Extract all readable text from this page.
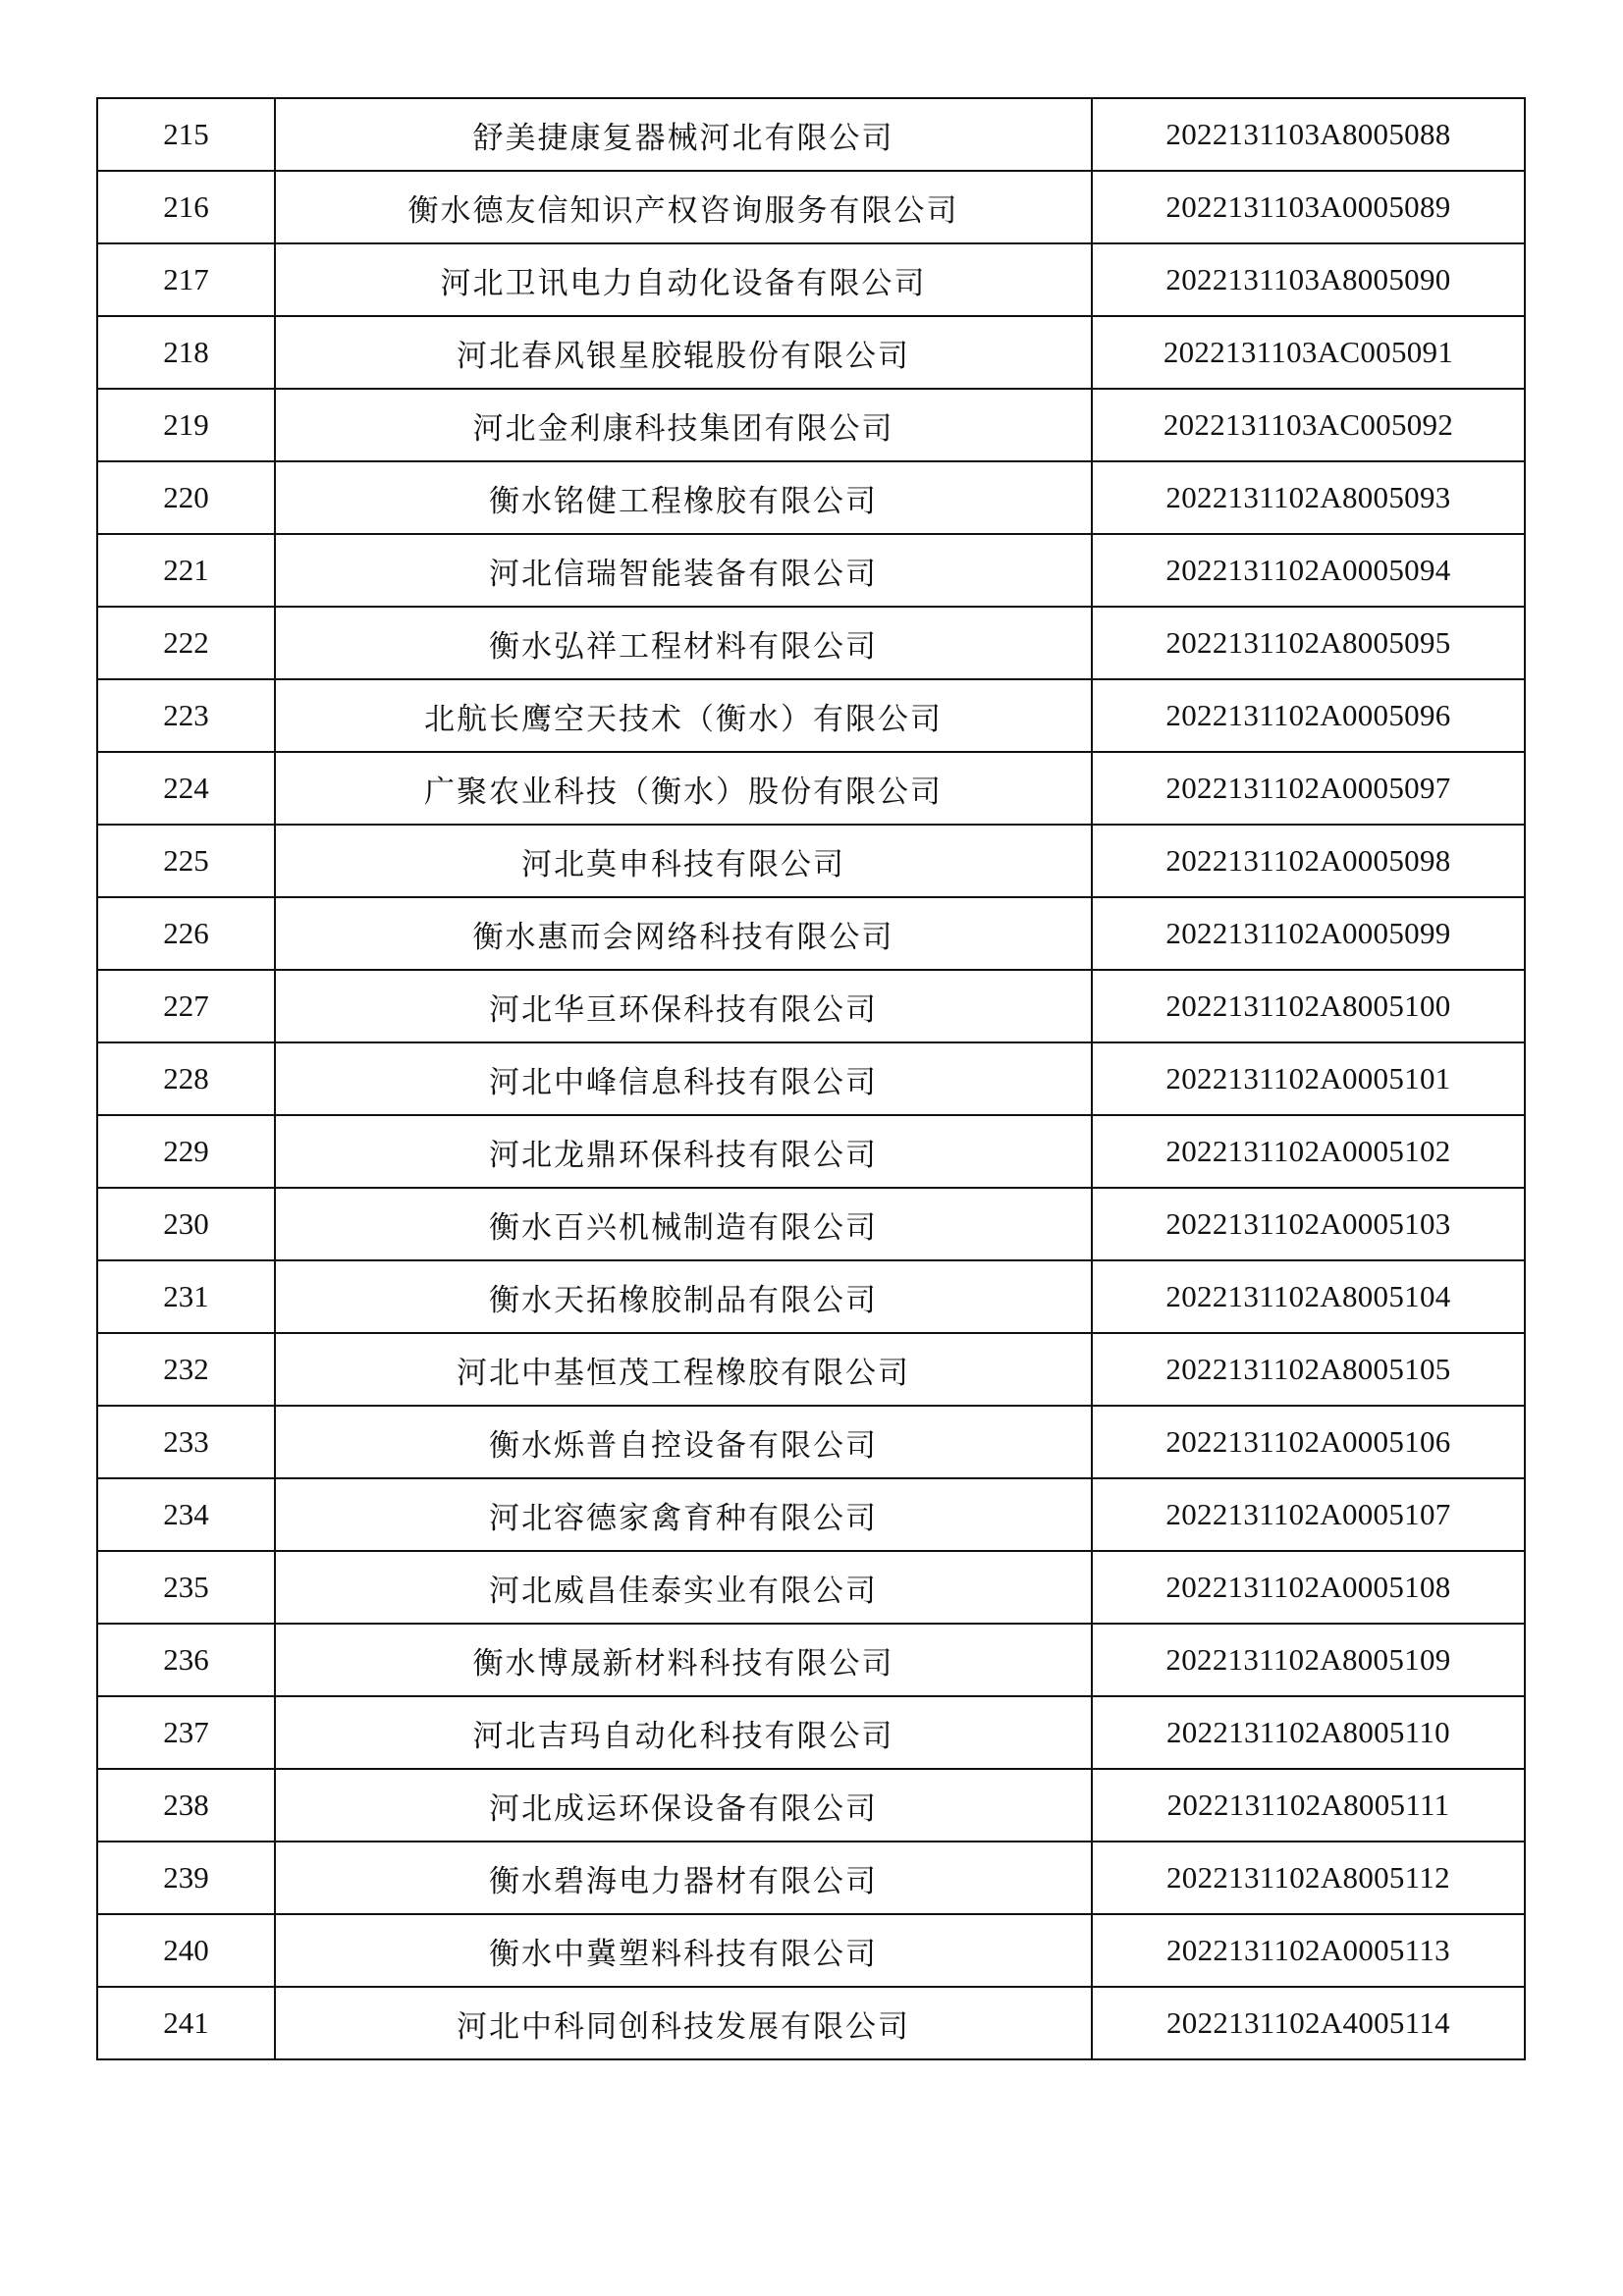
215	舒美捷康复器械河北有限公司	2022131103A8005088
216	衡水德友信知识产权咨询服务有限公司	2022131103A0005089
217	河北卫讯电力自动化设备有限公司	2022131103A8005090
218	河北春风银星胶辊股份有限公司	2022131103AC005091
219	河北金利康科技集团有限公司	2022131103AC005092
220	衡水铭健工程橡胶有限公司	2022131102A8005093
221	河北信瑞智能装备有限公司	2022131102A0005094
222	衡水弘祥工程材料有限公司	2022131102A8005095
223	北航长鹰空天技术（衡水）有限公司	2022131102A0005096
224	广聚农业科技（衡水）股份有限公司	2022131102A0005097
225	河北莫申科技有限公司	2022131102A0005098
226	衡水惠而会网络科技有限公司	2022131102A0005099
227	河北华亘环保科技有限公司	2022131102A8005100
228	河北中峰信息科技有限公司	2022131102A0005101
229	河北龙鼎环保科技有限公司	2022131102A0005102
230	衡水百兴机械制造有限公司	2022131102A0005103
231	衡水天拓橡胶制品有限公司	2022131102A8005104
232	河北中基恒茂工程橡胶有限公司	2022131102A8005105
233	衡水烁普自控设备有限公司	2022131102A0005106
234	河北容德家禽育种有限公司	2022131102A0005107
235	河北威昌佳泰实业有限公司	2022131102A0005108
236	衡水博晟新材料科技有限公司	2022131102A8005109
237	河北吉玛自动化科技有限公司	2022131102A8005110
238	河北成运环保设备有限公司	2022131102A8005111
239	衡水碧海电力器材有限公司	2022131102A8005112
240	衡水中冀塑料科技有限公司	2022131102A0005113
241	河北中科同创科技发展有限公司	2022131102A4005114
